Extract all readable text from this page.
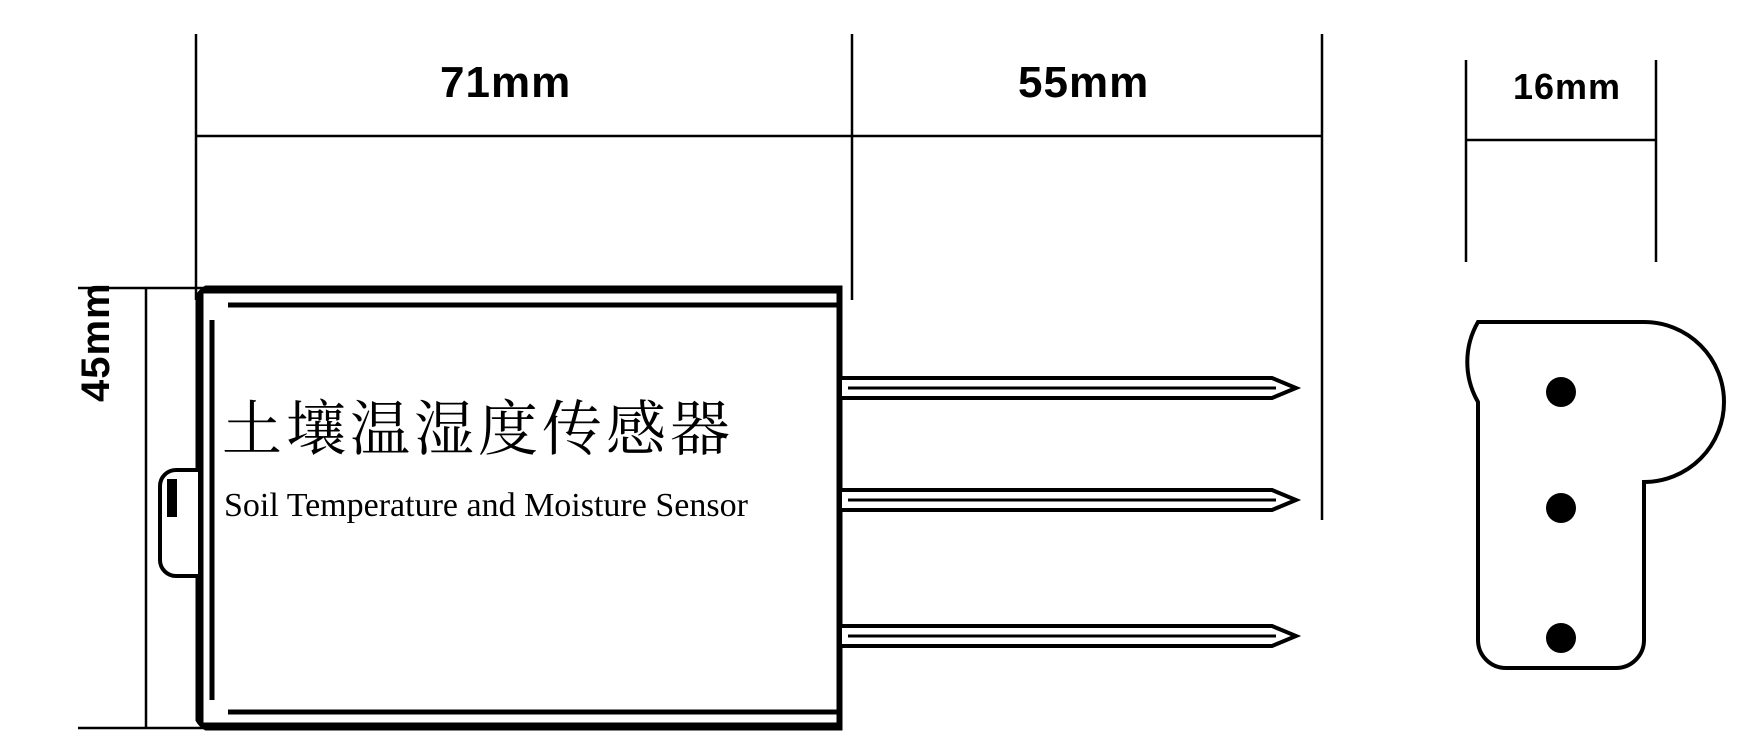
71mm	55mm	16mm
45mm
土壤温湿度传感器
Soil Temperature and Moisture Sensor
